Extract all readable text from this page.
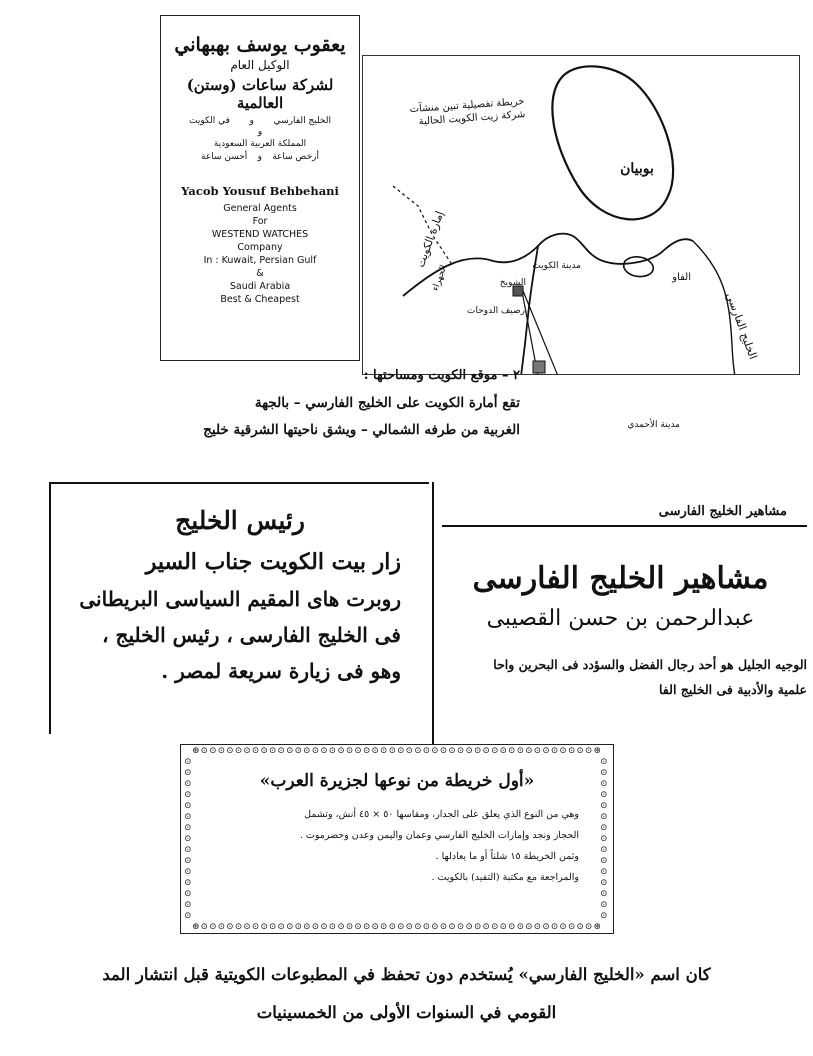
يعقوب يوسف بهبهاني
الوكيل العام
لشركة ساعات (وستن) العالمية
في الكويت و الخليج الفارسي
و
المملكة العربية السعودية
أحسن ساعة و أرخص ساعة
Yacob Yousuf Behbehani
General Agents
For
WESTEND WATCHES
Company
In : Kuwait, Persian Gulf
&
Saudi Arabia
Best & Cheapest
خريطة تفصيلية تبين منشآت شركة زيت الكويت الحالية
بوبيان
إمارة الكويت	مدينة الكويت
الشويخ
رصيف الدوحات
الجهراء	الفاو
الخليج الفارسي
٢ – موقع الكويت ومساحتها :
مدينة الأحمدي
تقع أمارة الكويت على الخليج الفارسي – بالجهة
الغربية من طرفه الشمالي – ويشق ناحيتها الشرقية خليج
رئيس الخليج
زار بيت الكويت جناب السير
روبرت هاى المقيم السياسى البريطانى
فى الخليج الفارسى ، رئيس الخليج ،
وهو فى زيارة سريعة لمصر .
مشاهير الخليج الفارسى
مشاهير الخليج الفارسى
عبدالرحمن بن حسن القصيبى
الوجيه الجليل هو أحد رجال الفضل والسؤدد فى البحرين واحا
علمية والأدبية فى الخليج الفا
⊛⊙⊙⊙⊙⊙⊙⊙⊙⊙⊙⊙⊙⊙⊙⊙⊙⊙⊙⊙⊙⊙⊙⊙⊙⊙⊙⊙⊙⊙⊙⊙⊙⊙⊙⊙⊙⊙⊙⊙⊙⊙⊙⊙⊙⊙⊙⊛
⊛⊙⊙⊙⊙⊙⊙⊙⊙⊙⊙⊙⊙⊙⊙⊙⊙⊙⊙⊙⊙⊙⊙⊙⊙⊙⊙⊙⊙⊙⊙⊙⊙⊙⊙⊙⊙⊙⊙⊙⊙⊙⊙⊙⊙⊙⊙⊛
⊙
⊙
⊙
⊙
⊙
⊙
⊙
⊙
⊙
⊙
⊙
⊙
⊙
⊙
⊙
⊙
⊙
⊙
⊙
⊙
⊙
⊙
⊙
⊙
⊙
⊙
⊙
⊙
⊙
⊙
«أول خريطة من نوعها لجزيرة العرب»
وهي من النوع الذي يعلق على الجدار، ومقاسها ٥٠ × ٤٥ أنش، وتشمل
الحجاز ونجد وإمارات الخليج الفارسي وعمان واليمن وعدن وحضرموت .
وثمن الخريطة ١٥ شلناً أو ما يعادلها .
والمراجعة مع مكتبة (التفيد) بالكويت .
كان اسم «الخليج الفارسي» يُستخدم دون تحفظ في المطبوعات الكويتية قبل انتشار المد
القومي في السنوات الأولى من الخمسينيات
